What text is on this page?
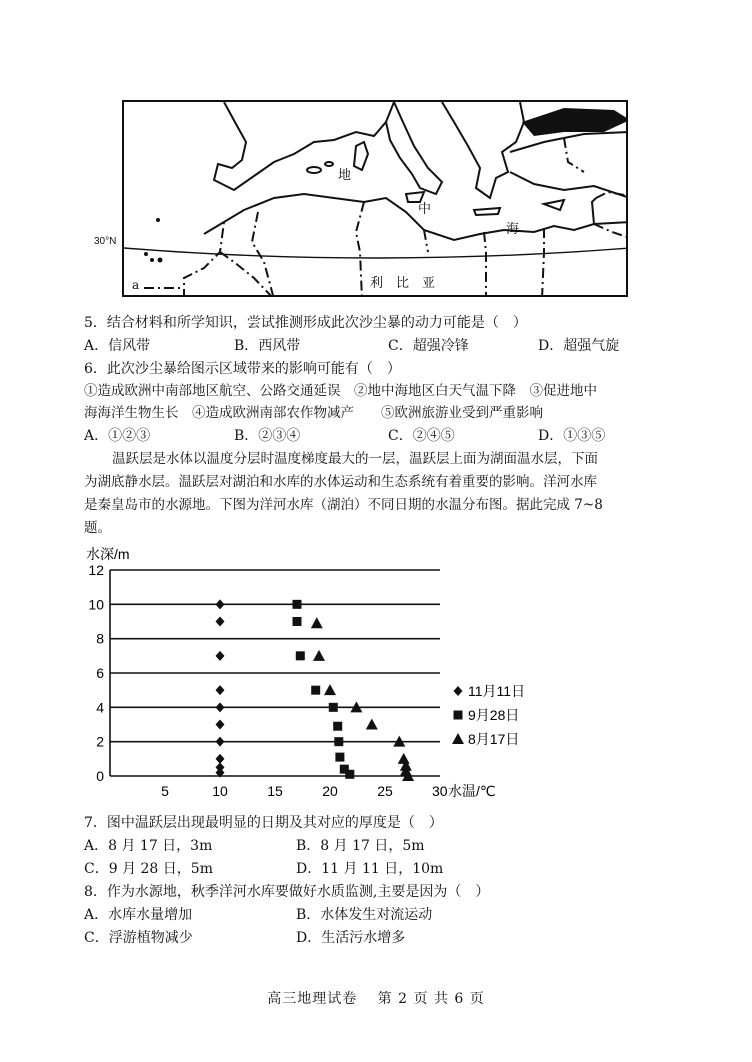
地
中
海
利　比　亚
a
30°N
5．结合材料和所学知识，尝试推测形成此次沙尘暴的动力可能是（　）
A．信风带	B．西风带	C．超强冷锋	D．超强气旋
6．此次沙尘暴给图示区域带来的影响可能有（　）
①造成欧洲中南部地区航空、公路交通延误　②地中海地区白天气温下降　③促进地中
海海洋生物生长　④造成欧洲南部农作物减产　　⑤欧洲旅游业受到严重影响
A．①②③	B．②③④	C．②④⑤	D．①③⑤
温跃层是水体以温度分层时温度梯度最大的一层，温跃层上面为湖面温水层，下面
为湖底静水层。温跃层对湖泊和水库的水体运动和生态系统有着重要的影响。洋河水库
是秦皇岛市的水源地。下图为洋河水库（湖泊）不同日期的水温分布图。据此完成 7~8
题。
0
2
4
6
8
10
12
5	10	15	20	25	30 水温/℃
11月11日
9月28日
8月17日
水深/m
7．图中温跃层出现最明显的日期及其对应的厚度是（　）
A．8 月 17 日，3m	B．8 月 17 日，5m
C．9 月 28 日，5m	D．11 月 11 日，10m
8．作为水源地，秋季洋河水库要做好水质监测,主要是因为（　）
A．水库水量增加	B．水体发生对流运动
C．浮游植物减少	D．生活污水增多
高三地理试卷　 第 2 页 共 6 页
